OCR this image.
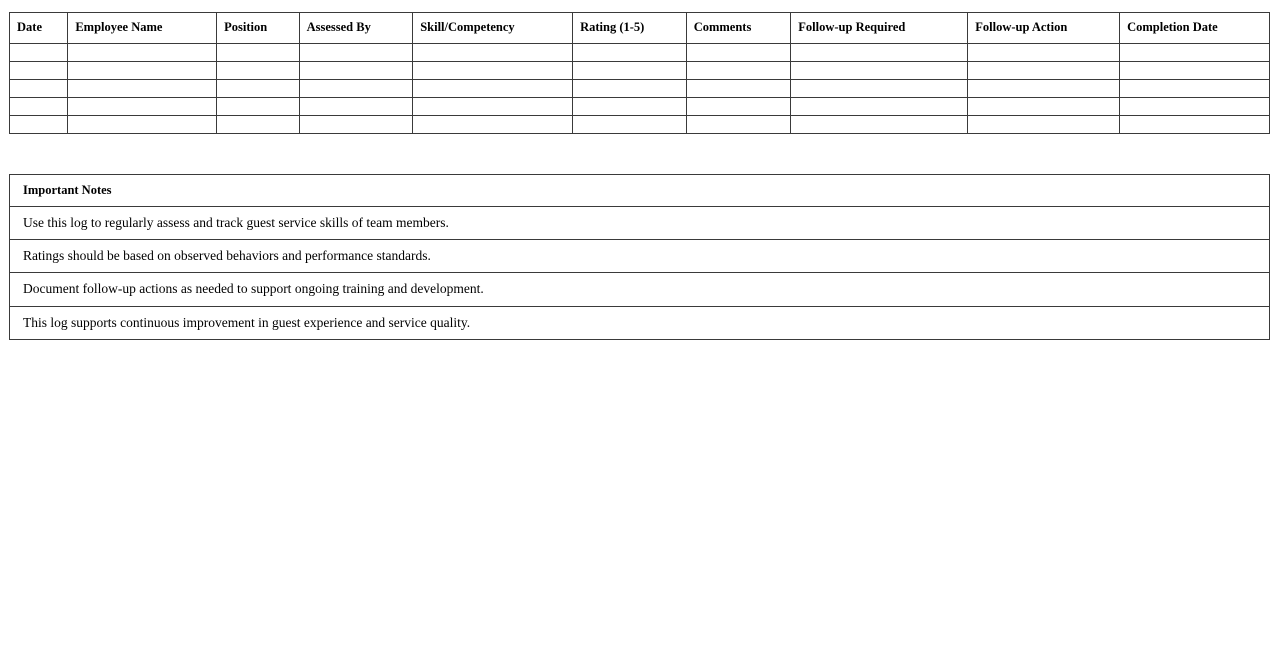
Date	Employee Name	Position	Assessed By	Skill/Competency	Rating (1-5)	Comments	Follow-up Required	Follow-up Action	Completion Date

Important Notes
Use this log to regularly assess and track guest service skills of team members.
Ratings should be based on observed behaviors and performance standards.
Document follow-up actions as needed to support ongoing training and development.
This log supports continuous improvement in guest experience and service quality.
